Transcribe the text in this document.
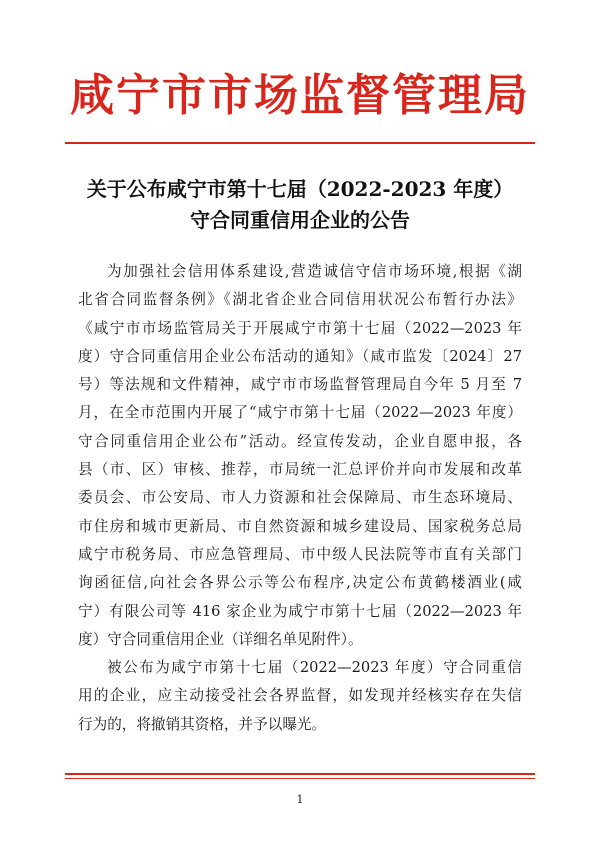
咸宁市市场监督管理局
关于公布咸宁市第十七届（2022-2023 年度）
守合同重信用企业的公告
为加强社会信用体系建设,营造诚信守信市场环境,根据《湖
北省合同监督条例》《湖北省企业合同信用状况公布暂行办法》
《咸宁市市场监管局关于开展咸宁市第十七届（2022—2023 年
度）守合同重信用企业公布活动的通知》（咸市监发〔2024〕27
号）等法规和文件精神，咸宁市市场监督管理局自今年 5 月至 7
月，在全市范围内开展了“咸宁市第十七届（2022—2023 年度）
守合同重信用企业公布”活动。经宣传发动，企业自愿申报，各
县（市、区）审核、推荐，市局统一汇总评价并向市发展和改革
委员会、市公安局、市人力资源和社会保障局、市生态环境局、
市住房和城市更新局、市自然资源和城乡建设局、国家税务总局
咸宁市税务局、市应急管理局、市中级人民法院等市直有关部门
询函征信,向社会各界公示等公布程序,决定公布黄鹤楼酒业(咸
宁）有限公司等 416 家企业为咸宁市第十七届（2022—2023 年
度）守合同重信用企业（详细名单见附件）。
被公布为咸宁市第十七届（2022—2023 年度）守合同重信
用的企业，应主动接受社会各界监督，如发现并经核实存在失信
行为的，将撤销其资格，并予以曝光。
1
